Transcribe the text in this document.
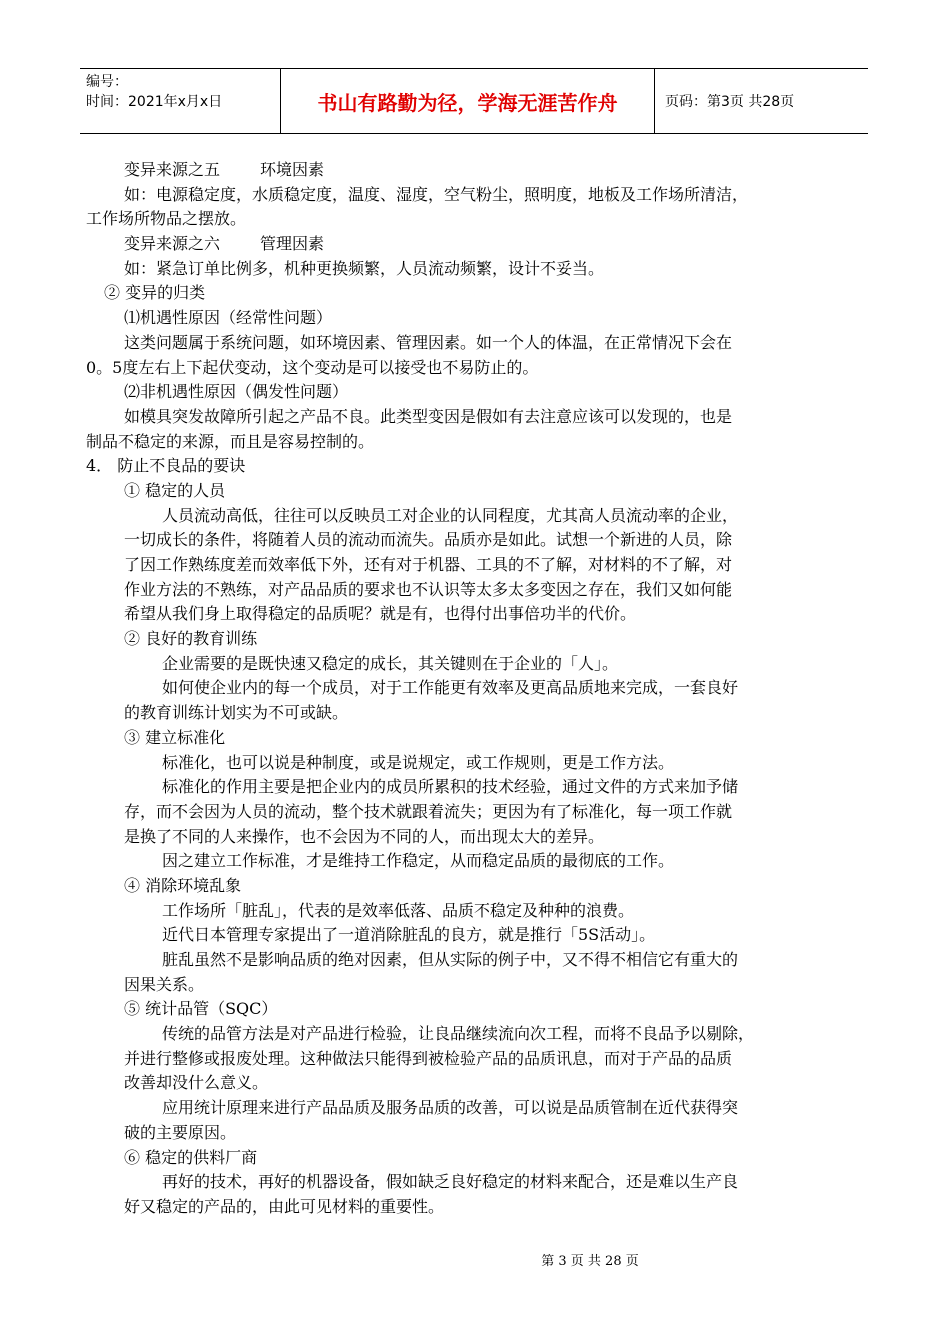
编号：
时间：2021年x月x日	书山有路勤为径，学海无涯苦作舟	页码：第3页 共28页
变异来源之五	环境因素
如：电源稳定度，水质稳定度，温度、湿度，空气粉尘，照明度，地板及工作场所清洁，
工作场所物品之摆放。
变异来源之六	管理因素
如：紧急订单比例多，机种更换频繁，人员流动频繁，设计不妥当。
② 变异的归类
⑴机遇性原因（经常性问题）
这类问题属于系统问题，如环境因素、管理因素。如一个人的体温，在正常情况下会在
0。5度左右上下起伏变动，这个变动是可以接受也不易防止的。
⑵非机遇性原因（偶发性问题）
如模具突发故障所引起之产品不良。此类型变因是假如有去注意应该可以发现的，也是
制品不稳定的来源，而且是容易控制的。
4． 防止不良品的要诀
① 稳定的人员
人员流动高低，往往可以反映员工对企业的认同程度，尤其高人员流动率的企业，
一切成长的条件，将随着人员的流动而流失。品质亦是如此。试想一个新进的人员，除
了因工作熟练度差而效率低下外，还有对于机器、工具的不了解，对材料的不了解，对
作业方法的不熟练，对产品品质的要求也不认识等太多太多变因之存在，我们又如何能
希望从我们身上取得稳定的品质呢？就是有，也得付出事倍功半的代价。
② 良好的教育训练
企业需要的是既快速又稳定的成长，其关键则在于企业的「人」。
如何使企业内的每一个成员，对于工作能更有效率及更高品质地来完成，一套良好
的教育训练计划实为不可或缺。
③ 建立标准化
标准化，也可以说是种制度，或是说规定，或工作规则，更是工作方法。
标准化的作用主要是把企业内的成员所累积的技术经验，通过文件的方式来加予储
存，而不会因为人员的流动，整个技术就跟着流失；更因为有了标准化，每一项工作就
是换了不同的人来操作，也不会因为不同的人，而出现太大的差异。
因之建立工作标准，才是维持工作稳定，从而稳定品质的最彻底的工作。
④ 消除环境乱象
工作场所「脏乱」，代表的是效率低落、品质不稳定及种种的浪费。
近代日本管理专家提出了一道消除脏乱的良方，就是推行「5S活动」。
脏乱虽然不是影响品质的绝对因素，但从实际的例子中，又不得不相信它有重大的
因果关系。
⑤ 统计品管（SQC）
传统的品管方法是对产品进行检验，让良品继续流向次工程，而将不良品予以剔除，
并进行整修或报废处理。这种做法只能得到被检验产品的品质讯息，而对于产品的品质
改善却没什么意义。
应用统计原理来进行产品品质及服务品质的改善，可以说是品质管制在近代获得突
破的主要原因。
⑥ 稳定的供料厂商
再好的技术，再好的机器设备，假如缺乏良好稳定的材料来配合，还是难以生产良
好又稳定的产品的，由此可见材料的重要性。
第 3 页 共 28 页
